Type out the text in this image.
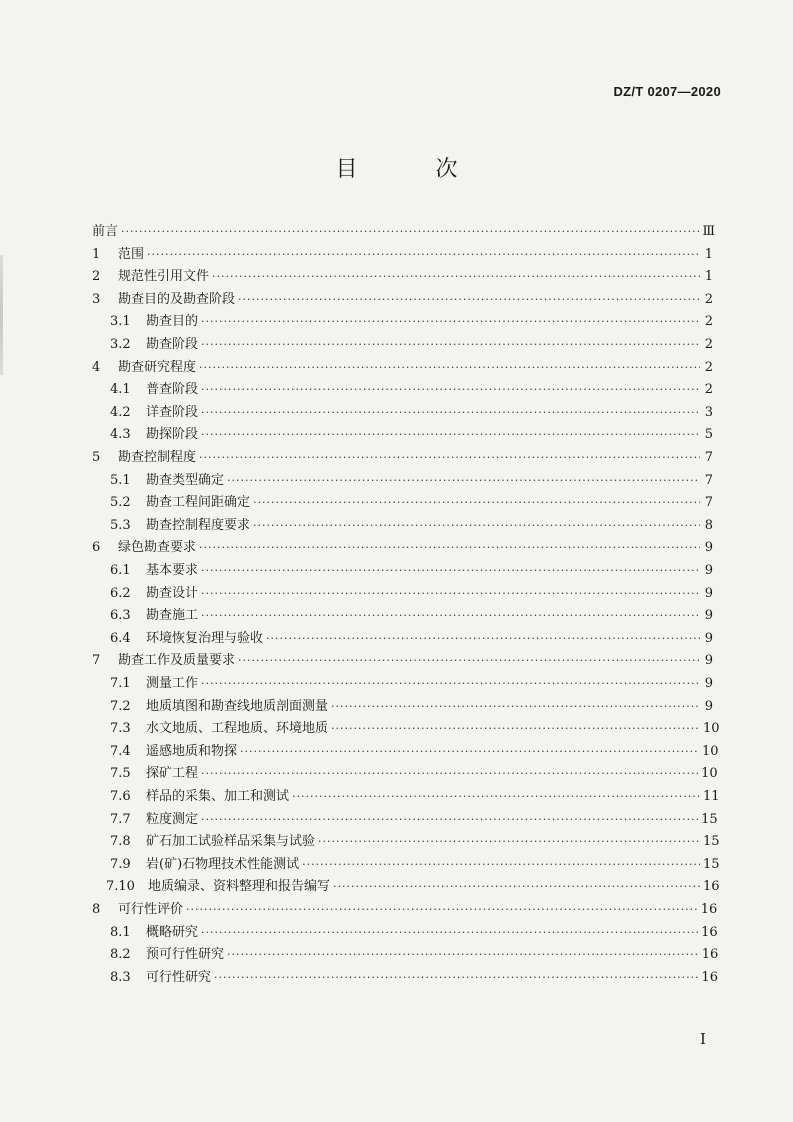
DZ/T 0207—2020
目　次
前言 ·····	Ⅲ
1	范围 ·····	1
2	规范性引用文件 ·····	1
3	勘查目的及勘查阶段 ·····	2
3.1	勘查目的 ·····	2
3.2	勘查阶段 ·····	2
4	勘查研究程度 ·····	2
4.1	普查阶段 ·····	2
4.2	详查阶段 ·····	3
4.3	勘探阶段 ·····	5
5	勘查控制程度 ·····	7
5.1	勘查类型确定 ·····	7
5.2	勘查工程间距确定 ·····	7
5.3	勘查控制程度要求 ·····	8
6	绿色勘查要求 ·····	9
6.1	基本要求 ·····	9
6.2	勘查设计 ·····	9
6.3	勘查施工 ·····	9
6.4	环境恢复治理与验收 ·····	9
7	勘查工作及质量要求 ·····	9
7.1	测量工作 ·····	9
7.2	地质填图和勘查线地质剖面测量 ·····	9
7.3	水文地质、工程地质、环境地质 ·····	10
7.4	遥感地质和物探 ·····	10
7.5	探矿工程 ·····	10
7.6	样品的采集、加工和测试 ·····	11
7.7	粒度测定 ·····	15
7.8	矿石加工试验样品采集与试验 ·····	15
7.9	岩(矿)石物理技术性能测试 ·····	15
7.10	地质编录、资料整理和报告编写 ·····	16
8	可行性评价 ·····	16
8.1	概略研究 ·····	16
8.2	预可行性研究 ·····	16
8.3	可行性研究 ·····	16
I
